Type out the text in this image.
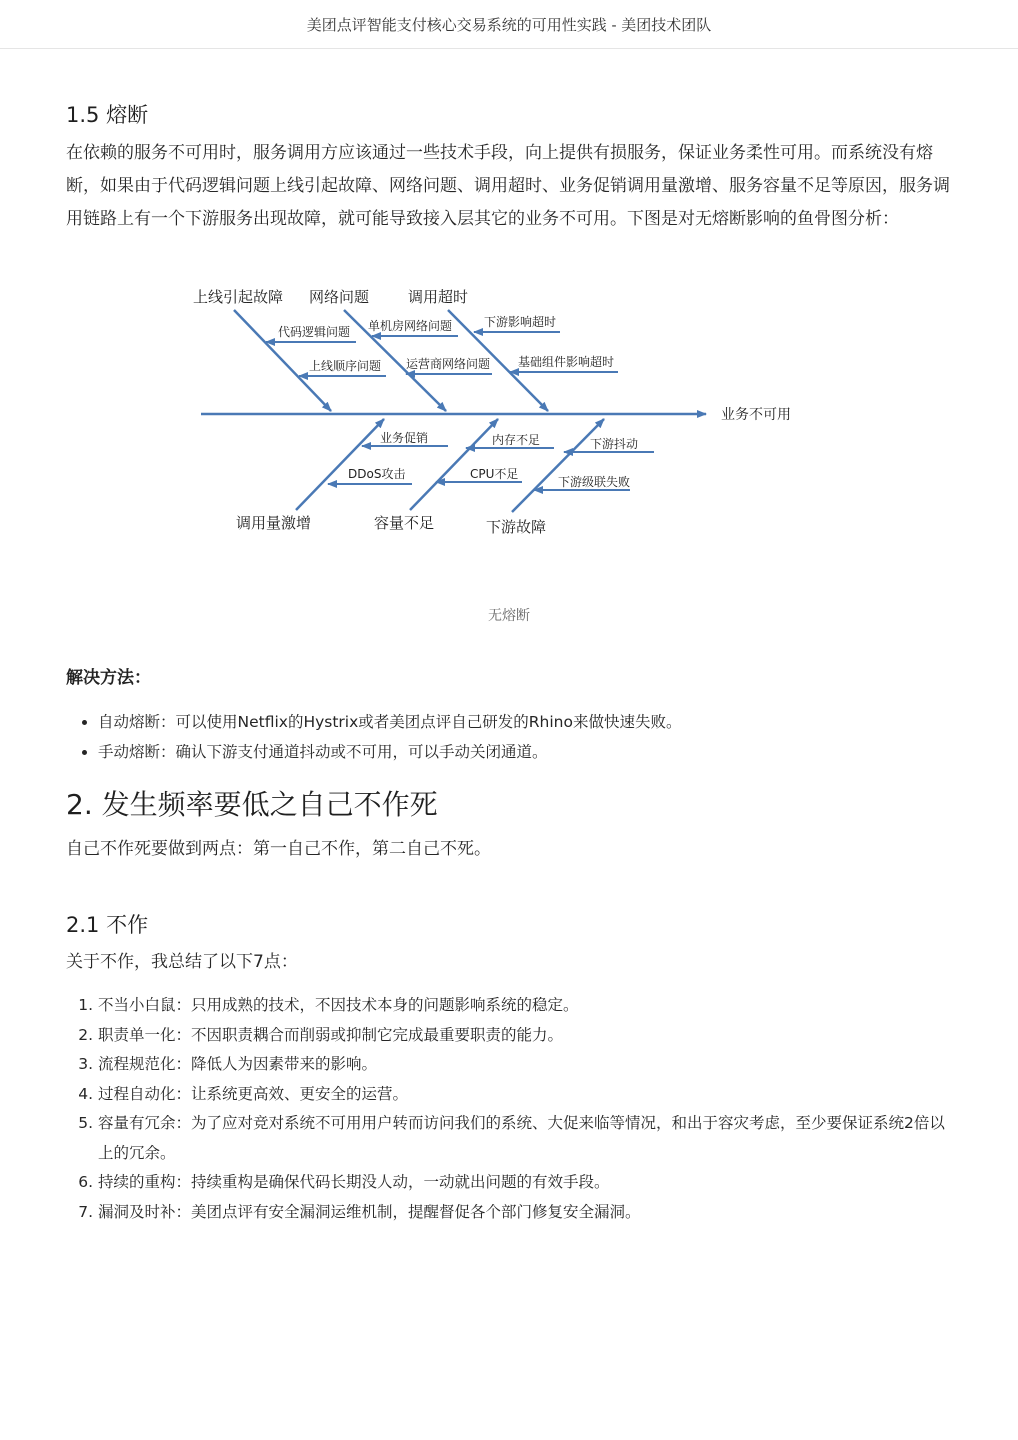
美团点评智能支付核心交易系统的可用性实践 - 美团技术团队
1.5 熔断

在依赖的服务不可用时，服务调用方应该通过一些技术手段，向上提供有损服务，保证业务柔性可用。而系统没有熔断，如果由于代码逻辑问题上线引起故障、网络问题、调用超时、业务促销调用量激增、服务容量不足等原因，服务调用链路上有一个下游服务出现故障，就可能导致接入层其它的业务不可用。下图是对无熔断影响的鱼骨图分析：

业务不可用
上线引起故障 网络问题	调用超时
代码逻辑问题
上线顺序问题
单机房网络问题
运营商网络问题
下游影响超时
基础组件影响超时
调用量激增	容量不足	下游故障
业务促销
DDoS攻击
内存不足
CPU不足
下游抖动
下游级联失败
无熔断
解决方法：
• 自动熔断：可以使用Netflix的Hystrix或者美团点评自己研发的Rhino来做快速失败。
• 手动熔断：确认下游支付通道抖动或不可用，可以手动关闭通道。
2. 发生频率要低之自己不作死

自己不作死要做到两点：第一自己不作，第二自己不死。

2.1 不作

关于不作，我总结了以下7点：

1. 不当小白鼠：只用成熟的技术，不因技术本身的问题影响系统的稳定。
2. 职责单一化：不因职责耦合而削弱或抑制它完成最重要职责的能力。
3. 流程规范化：降低人为因素带来的影响。
4. 过程自动化：让系统更高效、更安全的运营。
5. 容量有冗余：为了应对竞对系统不可用用户转而访问我们的系统、大促来临等情况，和出于容灾考虑，至少要保证系统2倍以上的冗余。
6. 持续的重构：持续重构是确保代码长期没人动，一动就出问题的有效手段。
7. 漏洞及时补：美团点评有安全漏洞运维机制，提醒督促各个部门修复安全漏洞。
